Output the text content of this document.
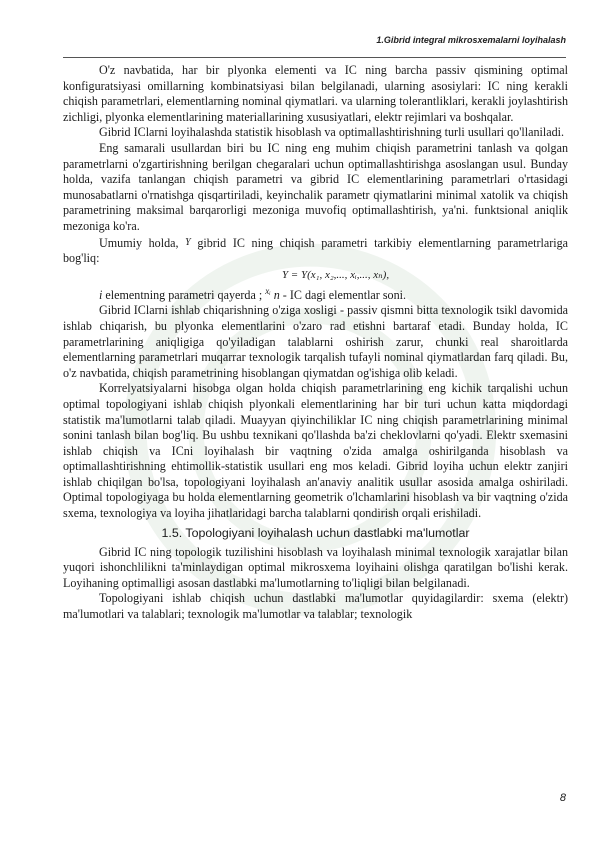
1.Gibrid integral mikrosxemalarni loyihalash

O'z navbatida, har bir plyonka elementi va IC ning barcha passiv qismining optimal konfiguratsiyasi omillarning kombinatsiyasi bilan belgilanadi, ularning asosiylari: IC ning kerakli chiqish parametrlari, elementlarning nominal qiymatlari. va ularning tolerantliklari, kerakli joylashtirish zichligi, plyonka elementlarining materiallarining xususiyatlari, elektr rejimlari va boshqalar.

Gibrid IClarni loyihalashda statistik hisoblash va optimallashtirishning turli usullari qo'llaniladi.

Eng samarali usullardan biri bu IC ning eng muhim chiqish parametrini tanlash va qolgan parametrlarni o'zgartirishning berilgan chegaralari uchun optimallashtirishga asoslangan usul. Bunday holda, vazifa tanlangan chiqish parametri va gibrid IC elementlarining parametrlari o'rtasidagi munosabatlarni o'rnatishga qisqartiriladi, keyinchalik parametr qiymatlarini minimal xatolik va chiqish parametrining maksimal barqarorligi mezoniga muvofiq optimallashtirish, ya'ni. funktsional aniqlik mezoniga ko'ra.

Umumiy holda, Y gibrid IC ning chiqish parametri tarkibiy elementlarning parametrlariga bog'liq:

Y = Y(x₁, x₂,..., xᵢ,..., xₙ),

i elementning parametri qayerda ; $^{xᵢ}$ n - IC dagi elementlar soni.

Gibrid IClarni ishlab chiqarishning o'ziga xosligi - passiv qismni bitta texnologik tsikl davomida ishlab chiqarish, bu plyonka elementlarini o'zaro rad etishni bartaraf etadi. Bunday holda, IC parametrlarining aniqligiga qo'yiladigan talablarni oshirish zarur, chunki real sharoitlarda elementlarning parametrlari muqarrar texnologik tarqalish tufayli nominal qiymatlardan farq qiladi. Bu, o'z navbatida, chiqish parametrining hisoblangan qiymatdan og'ishiga olib keladi.

Korrelyatsiyalarni hisobga olgan holda chiqish parametrlarining eng kichik tarqalishi uchun optimal topologiyani ishlab chiqish plyonkali elementlarining har bir turi uchun katta miqdordagi statistik ma'lumotlarni talab qiladi. Muayyan qiyinchiliklar IC ning chiqish parametrlarining minimal sonini tanlash bilan bog'liq. Bu ushbu texnikani qo'llashda ba'zi cheklovlarni qo'yadi. Elektr sxemasini ishlab chiqish va ICni loyihalash bir vaqtning o'zida amalga oshirilganda hisoblash va optimallashtirishning ehtimollik-statistik usullari eng mos keladi. Gibrid loyiha uchun elektr zanjiri ishlab chiqilgan bo'lsa, topologiyani loyihalash an'anaviy analitik usullar asosida amalga oshiriladi. Optimal topologiyaga bu holda elementlarning geometrik o'lchamlarini hisoblash va bir vaqtning o'zida sxema, texnologiya va loyiha jihatlaridagi barcha talablarni qondirish orqali erishiladi.

1.5. Topologiyani loyihalash uchun dastlabki ma'lumotlar

Gibrid IC ning topologik tuzilishini hisoblash va loyihalash minimal texnologik xarajatlar bilan yuqori ishonchlilikni ta'minlaydigan optimal mikrosxema loyihaini olishga qaratilgan bo'lishi kerak. Loyihaning optimalligi asosan dastlabki ma'lumotlarning to'liqligi bilan belgilanadi.

Topologiyani ishlab chiqish uchun dastlabki ma'lumotlar quyidagilardir: sxema (elektr) ma'lumotlari va talablari; texnologik ma'lumotlar va talablar; texnologik

8
